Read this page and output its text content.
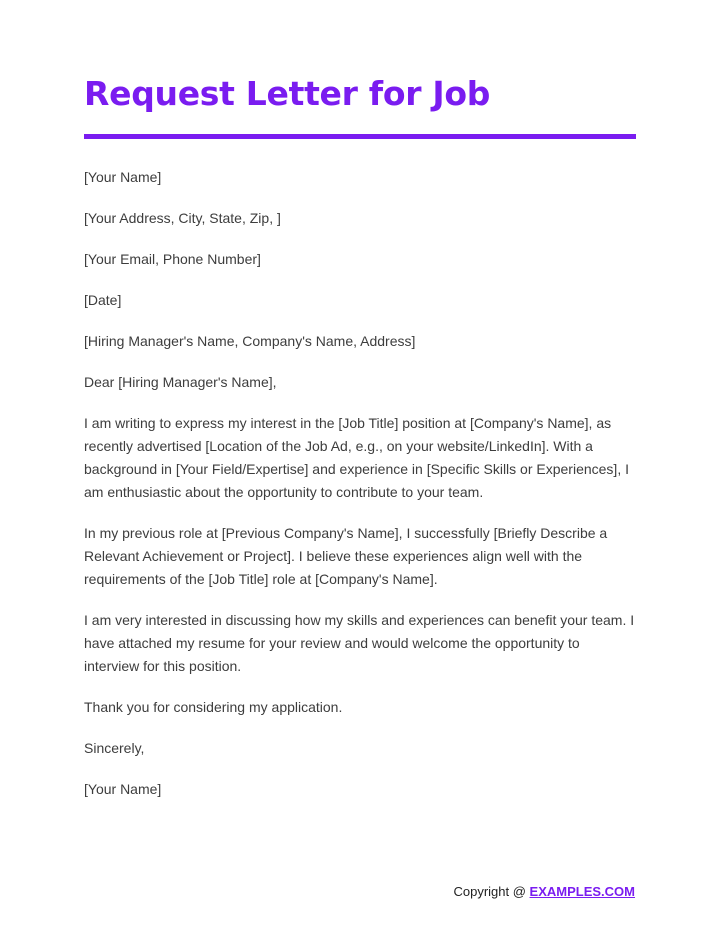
Request Letter for Job

[Your Name]

[Your Address, City, State, Zip, ]

[Your Email, Phone Number]

[Date]

[Hiring Manager's Name, Company's Name, Address]

Dear [Hiring Manager's Name],

I am writing to express my interest in the [Job Title] position at [Company's Name], as recently advertised [Location of the Job Ad, e.g., on your website/LinkedIn]. With a background in [Your Field/Expertise] and experience in [Specific Skills or Experiences], I am enthusiastic about the opportunity to contribute to your team.

In my previous role at [Previous Company's Name], I successfully [Briefly Describe a Relevant Achievement or Project]. I believe these experiences align well with the requirements of the [Job Title] role at [Company's Name].

I am very interested in discussing how my skills and experiences can benefit your team. I have attached my resume for your review and would welcome the opportunity to interview for this position.

Thank you for considering my application.

Sincerely,

[Your Name]

Copyright @ EXAMPLES.COM
